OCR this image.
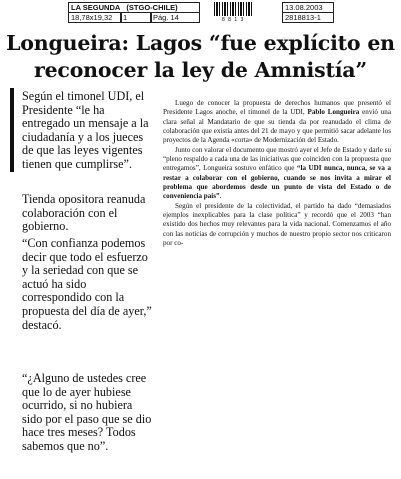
LA SEGUNDA (STGO-CHILE)
18,78x19,32	1	Pág. 14	8 8 1 3
13.08.2003
2818813-1
Longueira: Lagos “fue explícito en reconocer la ley de Amnistía”
Según el timonel UDI, el Presidente “le ha entregado un mensaje a la ciudadanía y a los jueces de que las leyes vigentes tienen que cumplirse”.
Tienda opositora reanuda colaboración con el gobierno.
“Con confianza podemos decir que todo el esfuerzo y la seriedad con que se actuó ha sido correspondido con la propuesta del día de ayer,” destacó.
“¿Alguno de ustedes cree que lo de ayer hubiese ocurrido, si no hubiera sido por el paso que se dio hace tres meses? Todos sabemos que no”.

Luego de conocer la propuesta de derechos humanos que presentó el Presidente Lagos anoche, el timonel de la UDI, Pablo Longueira envió una clara señal al Mandatario de que su tienda da por reanudado el clima de colaboración que existía antes del 21 de mayo y que permitió sacar adelante los proyectos de la Agenda «corta» de Modernización del Estado.

Junto con valorar el documento que mostró ayer el Jefe de Estado y darle su “pleno respaldo a cada una de las iniciativas que coinciden con la propuesta que entregamos”, Longueira sostuvo enfático que “la UDI nunca, nunca, se va a restar a colaborar con el gobierno, cuando se nos invita a mirar el problema que abordemos desde un punto de vista del Estado o de conveniencia país”.

Según el presidente de la colectividad, el partido ha dado “demasiados ejemplos inexplicables para la clase política” y recordó que el 2003 “han existido dos hechos muy relevantes para la vida nacional. Comenzamos el año con las noticias de corrupción y muchos de nuestro propio sector nos criticaron por co-
